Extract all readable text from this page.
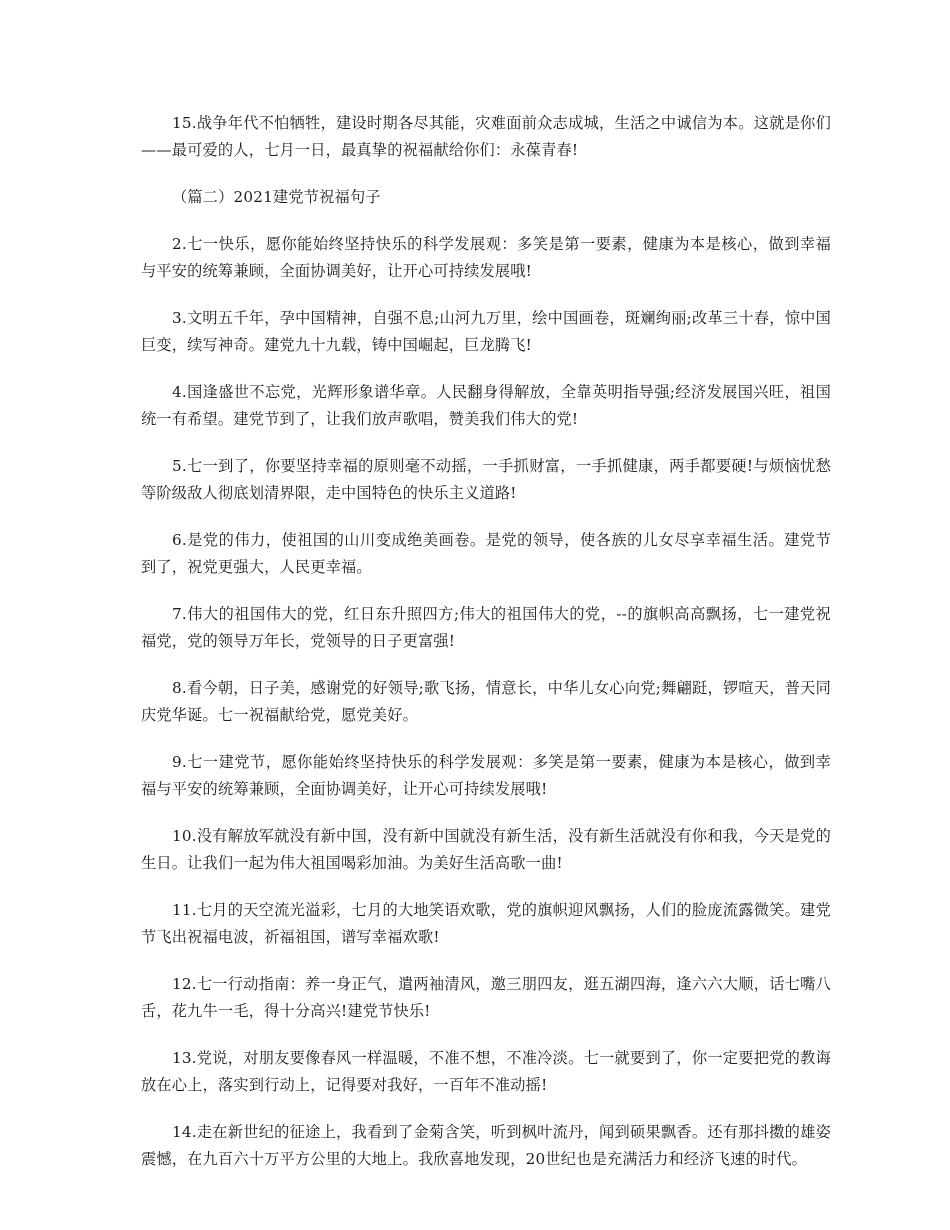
15.战争年代不怕牺牲，建设时期各尽其能，灾难面前众志成城，生活之中诚信为本。这就是你们——最可爱的人，七月一日，最真挚的祝福献给你们：永葆青春!

（篇二）2021建党节祝福句子

2.七一快乐，愿你能始终坚持快乐的科学发展观：多笑是第一要素，健康为本是核心，做到幸福与平安的统筹兼顾，全面协调美好，让开心可持续发展哦!

3.文明五千年，孕中国精神，自强不息;山河九万里，绘中国画卷，斑斓绚丽;改革三十春，惊中国巨变，续写神奇。建党九十九载，铸中国崛起，巨龙腾飞!

4.国逢盛世不忘党，光辉形象谱华章。人民翻身得解放，全靠英明指导强;经济发展国兴旺，祖国统一有希望。建党节到了，让我们放声歌唱，赞美我们伟大的党!

5.七一到了，你要坚持幸福的原则毫不动摇，一手抓财富，一手抓健康，两手都要硬!与烦恼忧愁等阶级敌人彻底划清界限，走中国特色的快乐主义道路!

6.是党的伟力，使祖国的山川变成绝美画卷。是党的领导，使各族的儿女尽享幸福生活。建党节到了，祝党更强大，人民更幸福。

7.伟大的祖国伟大的党，红日东升照四方;伟大的祖国伟大的党，--的旗帜高高飘扬，七一建党祝福党，党的领导万年长，党领导的日子更富强!

8.看今朝，日子美，感谢党的好领导;歌飞扬，情意长，中华儿女心向党;舞翩跹，锣喧天，普天同庆党华诞。七一祝福献给党，愿党美好。

9.七一建党节，愿你能始终坚持快乐的科学发展观：多笑是第一要素，健康为本是核心，做到幸福与平安的统筹兼顾，全面协调美好，让开心可持续发展哦!

10.没有解放军就没有新中国，没有新中国就没有新生活，没有新生活就没有你和我，今天是党的生日。让我们一起为伟大祖国喝彩加油。为美好生活高歌一曲!

11.七月的天空流光溢彩，七月的大地笑语欢歌，党的旗帜迎风飘扬，人们的脸庞流露微笑。建党节飞出祝福电波，祈福祖国，谱写幸福欢歌!

12.七一行动指南：养一身正气，遣两袖清风，邀三朋四友，逛五湖四海，逢六六大顺，话七嘴八舌，花九牛一毛，得十分高兴!建党节快乐!

13.党说，对朋友要像春风一样温暖，不准不想，不准冷淡。七一就要到了，你一定要把党的教诲放在心上，落实到行动上，记得要对我好，一百年不准动摇!

14.走在新世纪的征途上，我看到了金菊含笑，听到枫叶流丹，闻到硕果飘香。还有那抖擞的雄姿震憾，在九百六十万平方公里的大地上。我欣喜地发现，20世纪也是充满活力和经济飞速的时代。
